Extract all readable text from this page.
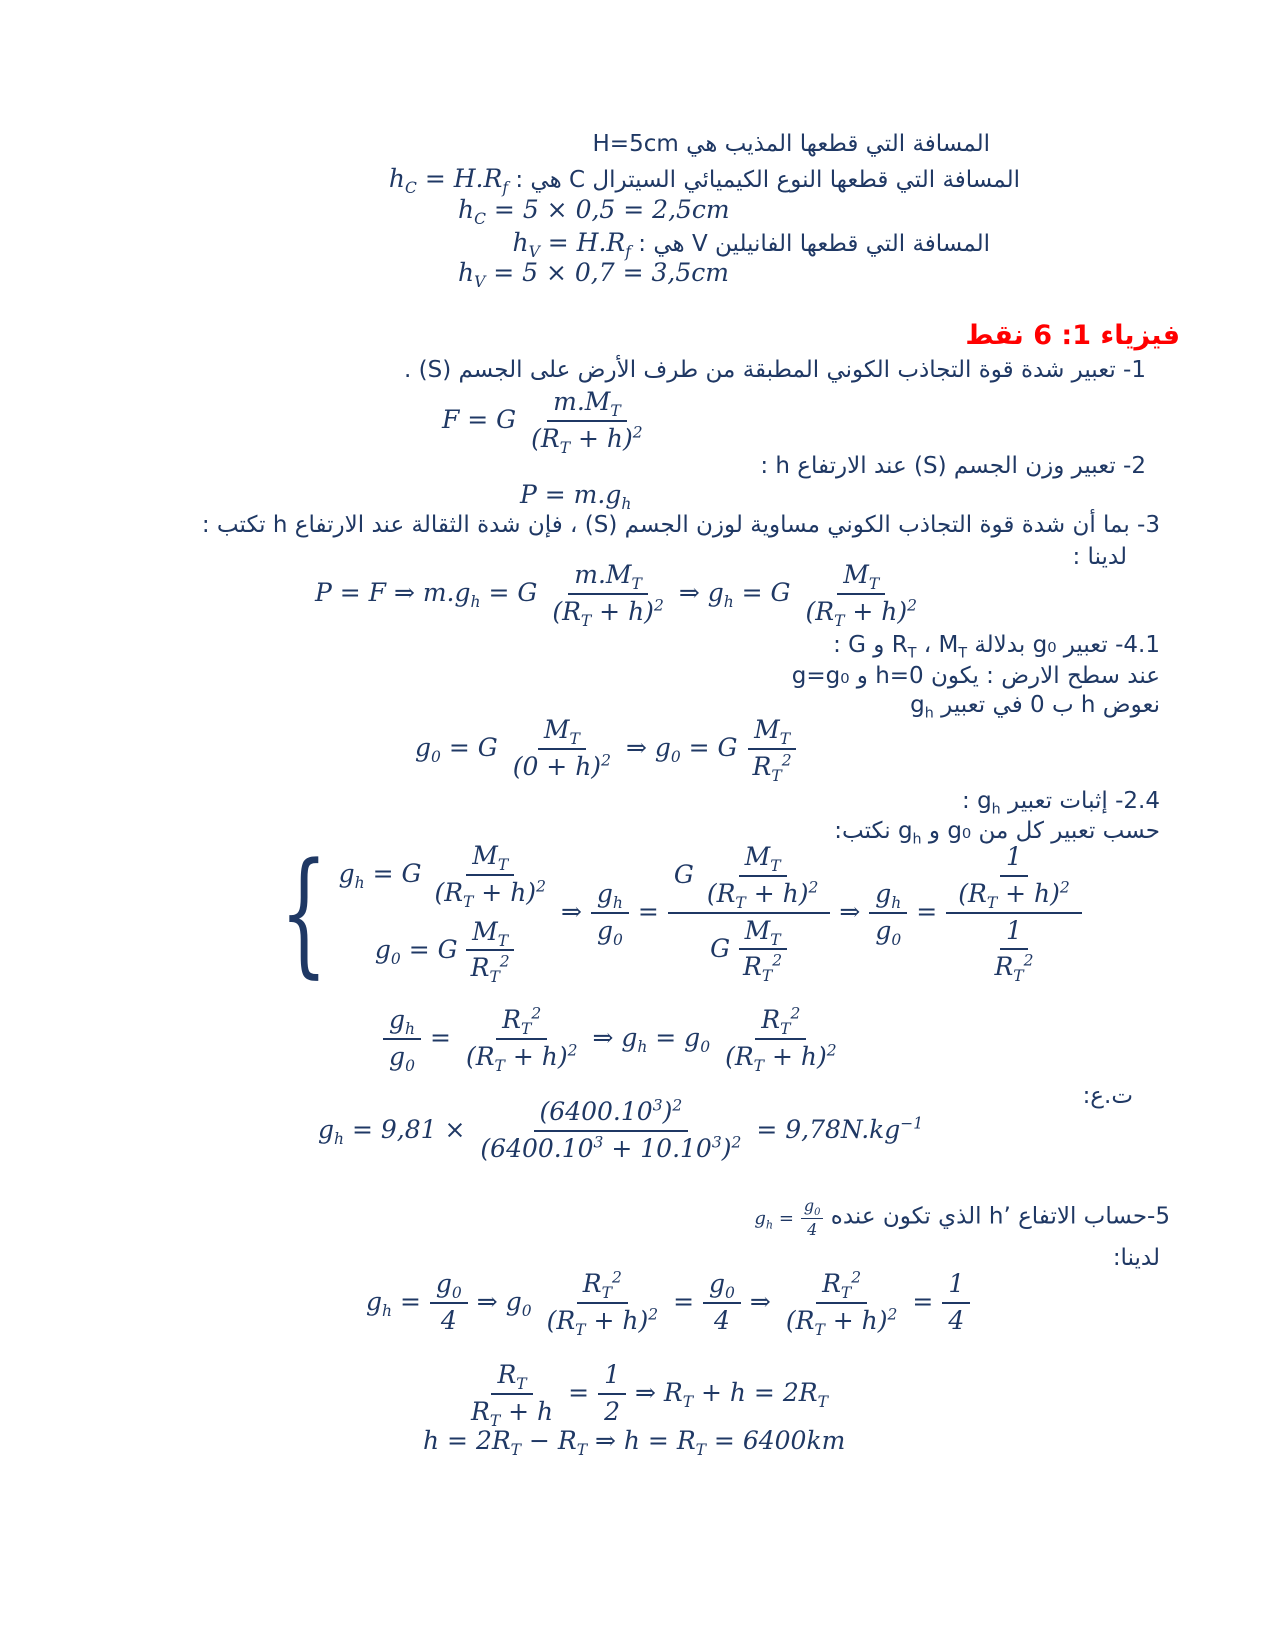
المسافة التي قطعها المذيب هي H=5cm
المسافة التي قطعها النوع الكيميائي السيترال C هي : $h_C = H.R_f$
$h_C = 5 \times 0,5 = 2,5cm$
المسافة التي قطعها الفانيلين V هي : $h_V = H.R_f$
$h_V = 5 \times 0,7 = 3,5cm$
فيزياء 1: 6 نقط
1- تعبير شدة قوة التجاذب الكوني المطبقة من طرف الأرض على الجسم (S) .
F = G $\frac{m.M_T}{(R_T + h)^2}$
2- تعبير وزن الجسم (S) عند الارتفاع h :
$P = m.g_h$
3- بما أن شدة قوة التجاذب الكوني مساوية لوزن الجسم (S) ، فإن شدة الثقالة عند الارتفاع h تكتب :
لدينا :
P = F ⇒ $m.g_h = G \frac{m.M_T}{(R_T + h)^2}$ ⇒ $g_h = G \frac{M_T}{(R_T + h)^2}$
4.1- تعبير g₀ بدلالة $M_T$ ‏،‏ $R_T$ و G :
عند سطح الارض : يكون h=0 و g=g₀
نعوض h ب 0 في تعبير $g_h$
$g_0 = G \frac{M_T}{(0 + h)^2}$ ⇒ $g_0 = G \frac{M_T}{R_T^2}$
2.4- إثبات تعبير $g_h$ :
حسب تعبير كل من g₀ و $g_h$ نكتب:
{ $g_h = G \frac{M_T}{(R_T + h)^2}$
$g_0 = G \frac{M_T}{R_T^2}$
⇒ $\frac{g_h}{g_0} = \frac{G \frac{M_T}{(R_T + h)^2}}{G \frac{M_T}{R_T^2}}$ ⇒ $\frac{g_h}{g_0} = \frac{\frac{1}{(R_T + h)^2}}{\frac{1}{R_T^2}}$
$\frac{g_h}{g_0} = \frac{R_T^2}{(R_T + h)^2}$ ⇒ $g_h = g_0 \frac{R_T^2}{(R_T + h)^2}$
ت.ع:
$g_h = 9,81 \times \frac{(6400.10^3)^2}{(6400.10^3 + 10.10^3)^2} = 9,78N.kg^{-1}$
5-حساب الاتفاع h’‎ الذي تكون عنده
$g_h = \frac{g_0}{4}$
لدينا:
$g_h = \frac{g_0}{4}$ ⇒ $g_0 \frac{R_T^2}{(R_T + h)^2} = \frac{g_0}{4}$ ⇒ $\frac{R_T^2}{(R_T + h)^2} = \frac{1}{4}$
$\frac{R_T}{R_T + h} = \frac{1}{2}$ ⇒ $R_T + h = 2R_T$
$h = 2R_T - R_T$ ⇒ $h = R_T = 6400km$
